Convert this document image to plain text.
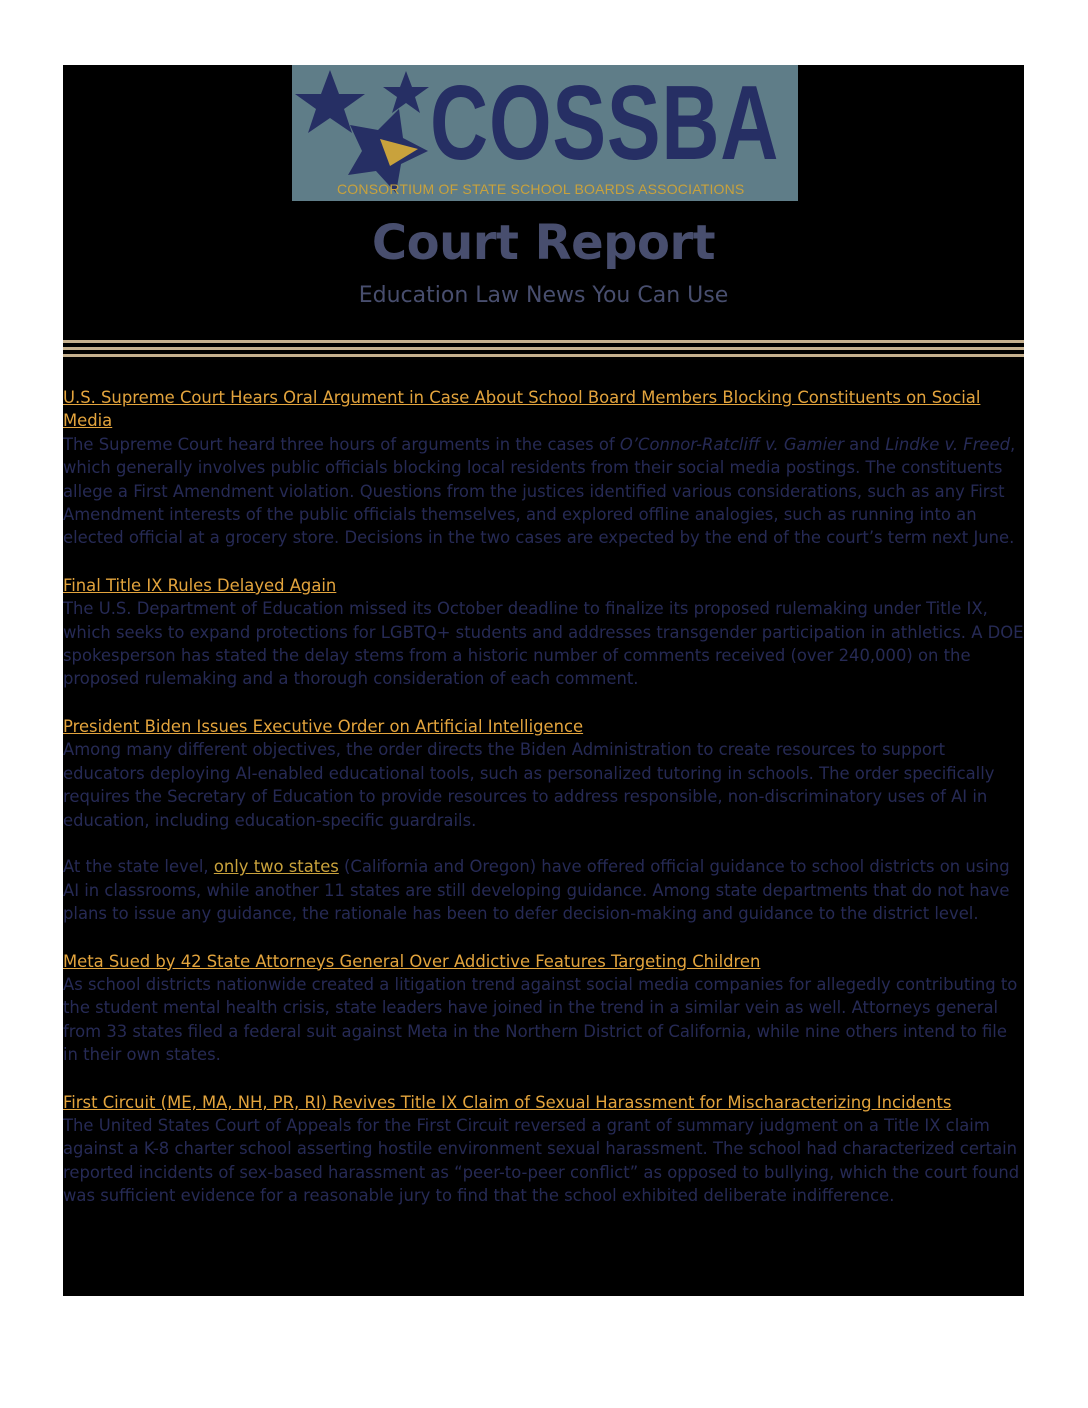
COSSBA
CONSORTIUM OF STATE SCHOOL BOARDS ASSOCIATIONS
Court Report
Education Law News You Can Use
U.S. Supreme Court Hears Oral Argument in Case About School Board Members Blocking Constituents on Social Media

The Supreme Court heard three hours of arguments in the cases of O’Connor-Ratcliff v. Gamier and Lindke v. Freed, which generally involves public officials blocking local residents from their social media postings. The constituents allege a First Amendment violation. Questions from the justices identified various considerations, such as any First Amendment interests of the public officials themselves, and explored offline analogies, such as running into an elected official at a grocery store. Decisions in the two cases are expected by the end of the court’s term next June.

Final Title IX Rules Delayed Again

The U.S. Department of Education missed its October deadline to finalize its proposed rulemaking under Title IX, which seeks to expand protections for LGBTQ+ students and addresses transgender participation in athletics. A DOE spokesperson has stated the delay stems from a historic number of comments received (over 240,000) on the proposed rulemaking and a thorough consideration of each comment.

President Biden Issues Executive Order on Artificial Intelligence

Among many different objectives, the order directs the Biden Administration to create resources to support educators deploying AI-enabled educational tools, such as personalized tutoring in schools. The order specifically requires the Secretary of Education to provide resources to address responsible, non-discriminatory uses of AI in education, including education-specific guardrails.

At the state level, only two states (California and Oregon) have offered official guidance to school districts on using AI in classrooms, while another 11 states are still developing guidance. Among state departments that do not have plans to issue any guidance, the rationale has been to defer decision-making and guidance to the district level.

Meta Sued by 42 State Attorneys General Over Addictive Features Targeting Children

As school districts nationwide created a litigation trend against social media companies for allegedly contributing to the student mental health crisis, state leaders have joined in the trend in a similar vein as well. Attorneys general from 33 states filed a federal suit against Meta in the Northern District of California, while nine others intend to file in their own states.

First Circuit (ME, MA, NH, PR, RI) Revives Title IX Claim of Sexual Harassment for Mischaracterizing Incidents

The United States Court of Appeals for the First Circuit reversed a grant of summary judgment on a Title IX claim against a K-8 charter school asserting hostile environment sexual harassment. The school had characterized certain reported incidents of sex-based harassment as “peer-to-peer conflict” as opposed to bullying, which the court found was sufficient evidence for a reasonable jury to find that the school exhibited deliberate indifference.
